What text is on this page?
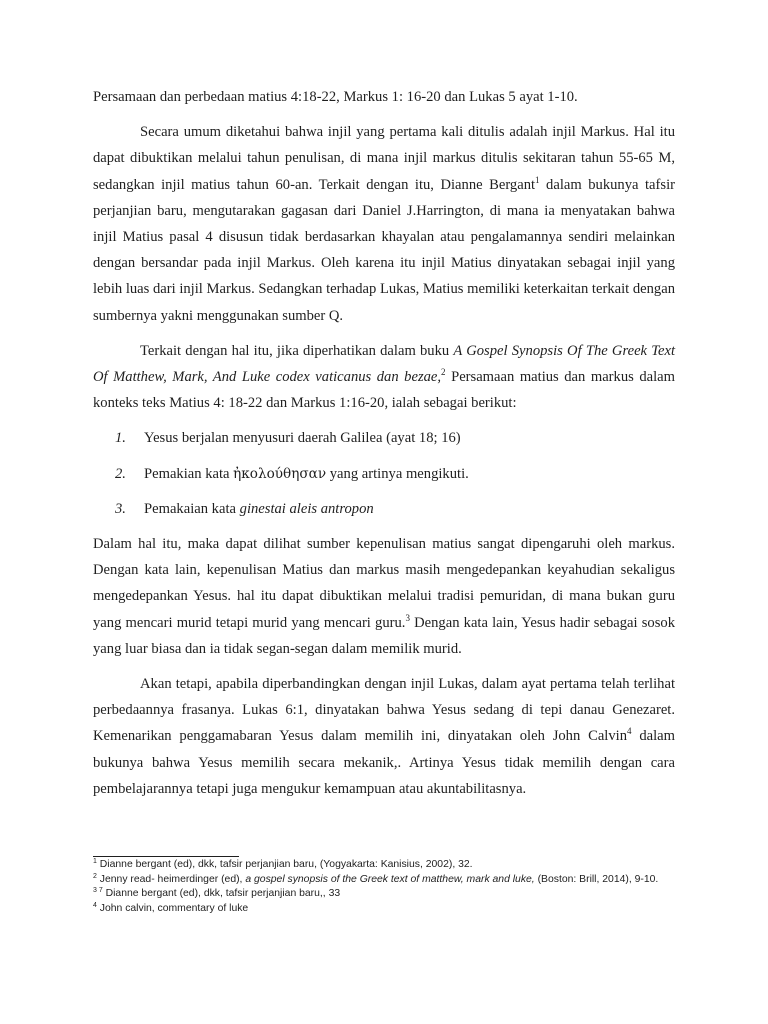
Persamaan dan perbedaan matius 4:18-22, Markus 1: 16-20 dan Lukas 5 ayat 1-10.

Secara umum diketahui bahwa injil yang pertama kali ditulis adalah injil Markus. Hal itu dapat dibuktikan melalui tahun penulisan, di mana injil markus ditulis sekitaran tahun 55-65 M, sedangkan injil matius tahun 60-an. Terkait dengan itu, Dianne Bergant$^1$ dalam bukunya tafsir perjanjian baru, mengutarakan gagasan dari Daniel J.Harrington, di mana ia menyatakan bahwa injil Matius pasal 4 disusun tidak berdasarkan khayalan atau pengalamannya sendiri melainkan dengan bersandar pada injil Markus. Oleh karena itu injil Matius dinyatakan sebagai injil yang lebih luas dari injil Markus. Sedangkan terhadap Lukas, Matius memiliki keterkaitan terkait dengan sumbernya yakni menggunakan sumber Q.

Terkait dengan hal itu, jika diperhatikan dalam buku A Gospel Synopsis Of The Greek Text Of Matthew, Mark, And Luke codex vaticanus dan bezae,$^2$ Persamaan matius dan markus dalam konteks teks Matius 4: 18-22 dan Markus 1:16-20, ialah sebagai berikut:

1. Yesus berjalan menyusuri daerah Galilea (ayat 18; 16)
2. Pemakian kata ἠκολούθησαν yang artinya mengikuti.
3. Pemakaian kata ginestai aleis antropon

Dalam hal itu, maka dapat dilihat sumber kepenulisan matius sangat dipengaruhi oleh markus. Dengan kata lain, kepenulisan Matius dan markus masih mengedepankan keyahudian sekaligus mengedepankan Yesus. hal itu dapat dibuktikan melalui tradisi pemuridan, di mana bukan guru yang mencari murid tetapi murid yang mencari guru.$^3$ Dengan kata lain, Yesus hadir sebagai sosok yang luar biasa dan ia tidak segan-segan dalam memilik murid.

Akan tetapi, apabila diperbandingkan dengan injil Lukas, dalam ayat pertama telah terlihat perbedaannya frasanya. Lukas 6:1, dinyatakan bahwa Yesus sedang di tepi danau Genezaret. Kemenarikan penggamabaran Yesus dalam memilih ini, dinyatakan oleh John Calvin$^4$ dalam bukunya bahwa Yesus memilih secara mekanik,. Artinya Yesus tidak memilih dengan cara pembelajarannya tetapi juga mengukur kemampuan atau akuntabilitasnya.

$^1$ Dianne bergant (ed), dkk, tafsir perjanjian baru, (Yogyakarta: Kanisius, 2002), 32.

$^2$ Jenny read- heimerdinger (ed), a gospel synopsis of the Greek text of matthew, mark and luke, (Boston: Brill, 2014), 9-10.

$^{3 7}$ Dianne bergant (ed), dkk, tafsir perjanjian baru,, 33

$^4$ John calvin, commentary of luke
